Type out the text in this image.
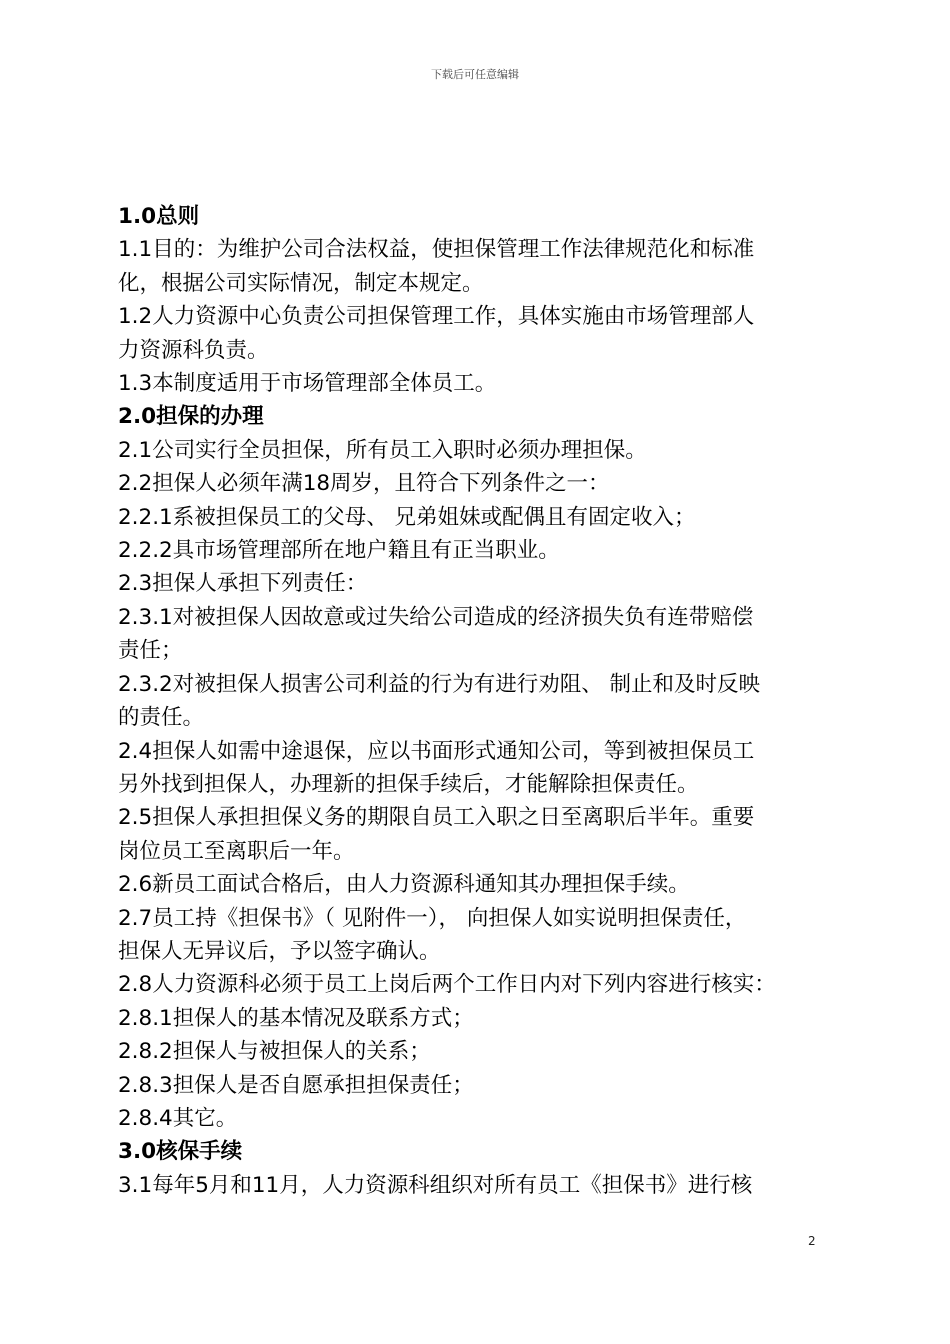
下载后可任意编辑
1.0总则
1.1目的：为维护公司合法权益，使担保管理工作法律规范化和标准
化，根据公司实际情况，制定本规定。
1.2人力资源中心负责公司担保管理工作，具体实施由市场管理部人
力资源科负责。
1.3本制度适用于市场管理部全体员工。
2.0担保的办理
2.1公司实行全员担保，所有员工入职时必须办理担保。
2.2担保人必须年满18周岁，且符合下列条件之一：
2.2.1系被担保员工的父母、 兄弟姐妹或配偶且有固定收入；
2.2.2具市场管理部所在地户籍且有正当职业。
2.3担保人承担下列责任：
2.3.1对被担保人因故意或过失给公司造成的经济损失负有连带赔偿
责任；
2.3.2对被担保人损害公司利益的行为有进行劝阻、 制止和及时反映
的责任。
2.4担保人如需中途退保，应以书面形式通知公司，等到被担保员工
另外找到担保人，办理新的担保手续后，才能解除担保责任。
2.5担保人承担担保义务的期限自员工入职之日至离职后半年。重要
岗位员工至离职后一年。
2.6新员工面试合格后，由人力资源科通知其办理担保手续。
2.7员工持《担保书》（ 见附件一）， 向担保人如实说明担保责任，
担保人无异议后，予以签字确认。
2.8人力资源科必须于员工上岗后两个工作日内对下列内容进行核实：
2.8.1担保人的基本情况及联系方式；
2.8.2担保人与被担保人的关系；
2.8.3担保人是否自愿承担担保责任；
2.8.4其它。
3.0核保手续
3.1每年5月和11月，人力资源科组织对所有员工《担保书》进行核
2
